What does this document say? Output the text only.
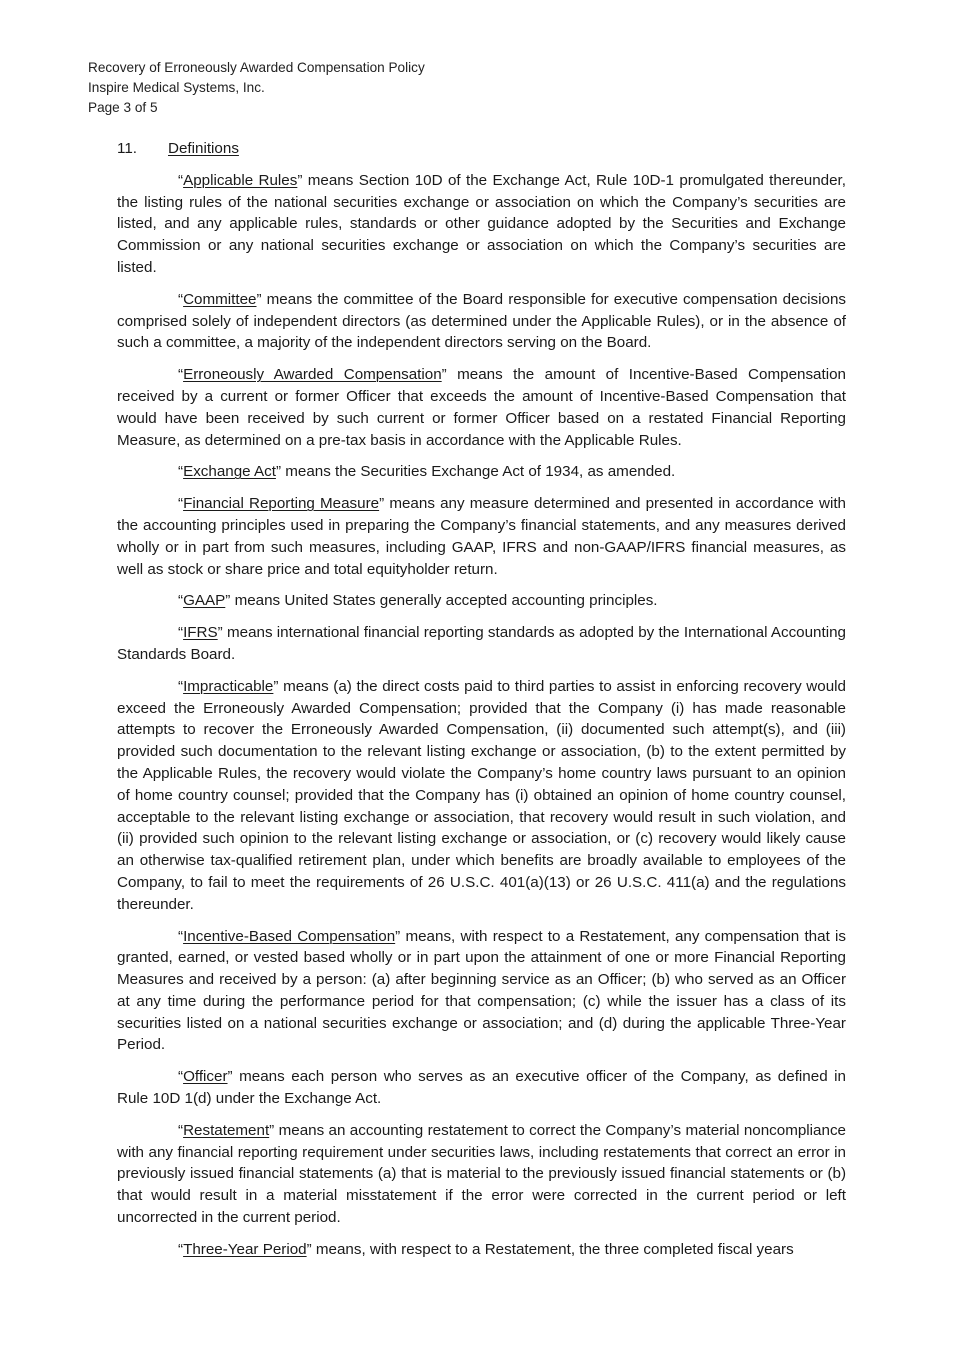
Recovery of Erroneously Awarded Compensation Policy
Inspire Medical Systems, Inc.
Page 3 of 5
11.	Definitions

“Applicable Rules” means Section 10D of the Exchange Act, Rule 10D-1 promulgated thereunder, the listing rules of the national securities exchange or association on which the Company’s securities are listed, and any applicable rules, standards or other guidance adopted by the Securities and Exchange Commission or any national securities exchange or association on which the Company’s securities are listed.

“Committee” means the committee of the Board responsible for executive compensation decisions comprised solely of independent directors (as determined under the Applicable Rules), or in the absence of such a committee, a majority of the independent directors serving on the Board.

“Erroneously Awarded Compensation” means the amount of Incentive-Based Compensation received by a current or former Officer that exceeds the amount of Incentive-Based Compensation that would have been received by such current or former Officer based on a restated Financial Reporting Measure, as determined on a pre-tax basis in accordance with the Applicable Rules.

“Exchange Act” means the Securities Exchange Act of 1934, as amended.

“Financial Reporting Measure” means any measure determined and presented in accordance with the accounting principles used in preparing the Company’s financial statements, and any measures derived wholly or in part from such measures, including GAAP, IFRS and non-GAAP/IFRS financial measures, as well as stock or share price and total equityholder return.

“GAAP” means United States generally accepted accounting principles.

“IFRS” means international financial reporting standards as adopted by the International Accounting Standards Board.

“Impracticable” means (a) the direct costs paid to third parties to assist in enforcing recovery would exceed the Erroneously Awarded Compensation; provided that the Company (i) has made reasonable attempts to recover the Erroneously Awarded Compensation, (ii) documented such attempt(s), and (iii) provided such documentation to the relevant listing exchange or association, (b) to the extent permitted by the Applicable Rules, the recovery would violate the Company’s home country laws pursuant to an opinion of home country counsel; provided that the Company has (i) obtained an opinion of home country counsel, acceptable to the relevant listing exchange or association, that recovery would result in such violation, and (ii) provided such opinion to the relevant listing exchange or association, or (c) recovery would likely cause an otherwise tax-qualified retirement plan, under which benefits are broadly available to employees of the Company, to fail to meet the requirements of 26 U.S.C. 401(a)(13) or 26 U.S.C. 411(a) and the regulations thereunder.

“Incentive-Based Compensation” means, with respect to a Restatement, any compensation that is granted, earned, or vested based wholly or in part upon the attainment of one or more Financial Reporting Measures and received by a person: (a) after beginning service as an Officer; (b) who served as an Officer at any time during the performance period for that compensation; (c) while the issuer has a class of its securities listed on a national securities exchange or association; and (d) during the applicable Three-Year Period.

“Officer” means each person who serves as an executive officer of the Company, as defined in Rule 10D 1(d) under the Exchange Act.

“Restatement” means an accounting restatement to correct the Company’s material noncompliance with any financial reporting requirement under securities laws, including restatements that correct an error in previously issued financial statements (a) that is material to the previously issued financial statements or (b) that would result in a material misstatement if the error were corrected in the current period or left uncorrected in the current period.

“Three-Year Period” means, with respect to a Restatement, the three completed fiscal years
